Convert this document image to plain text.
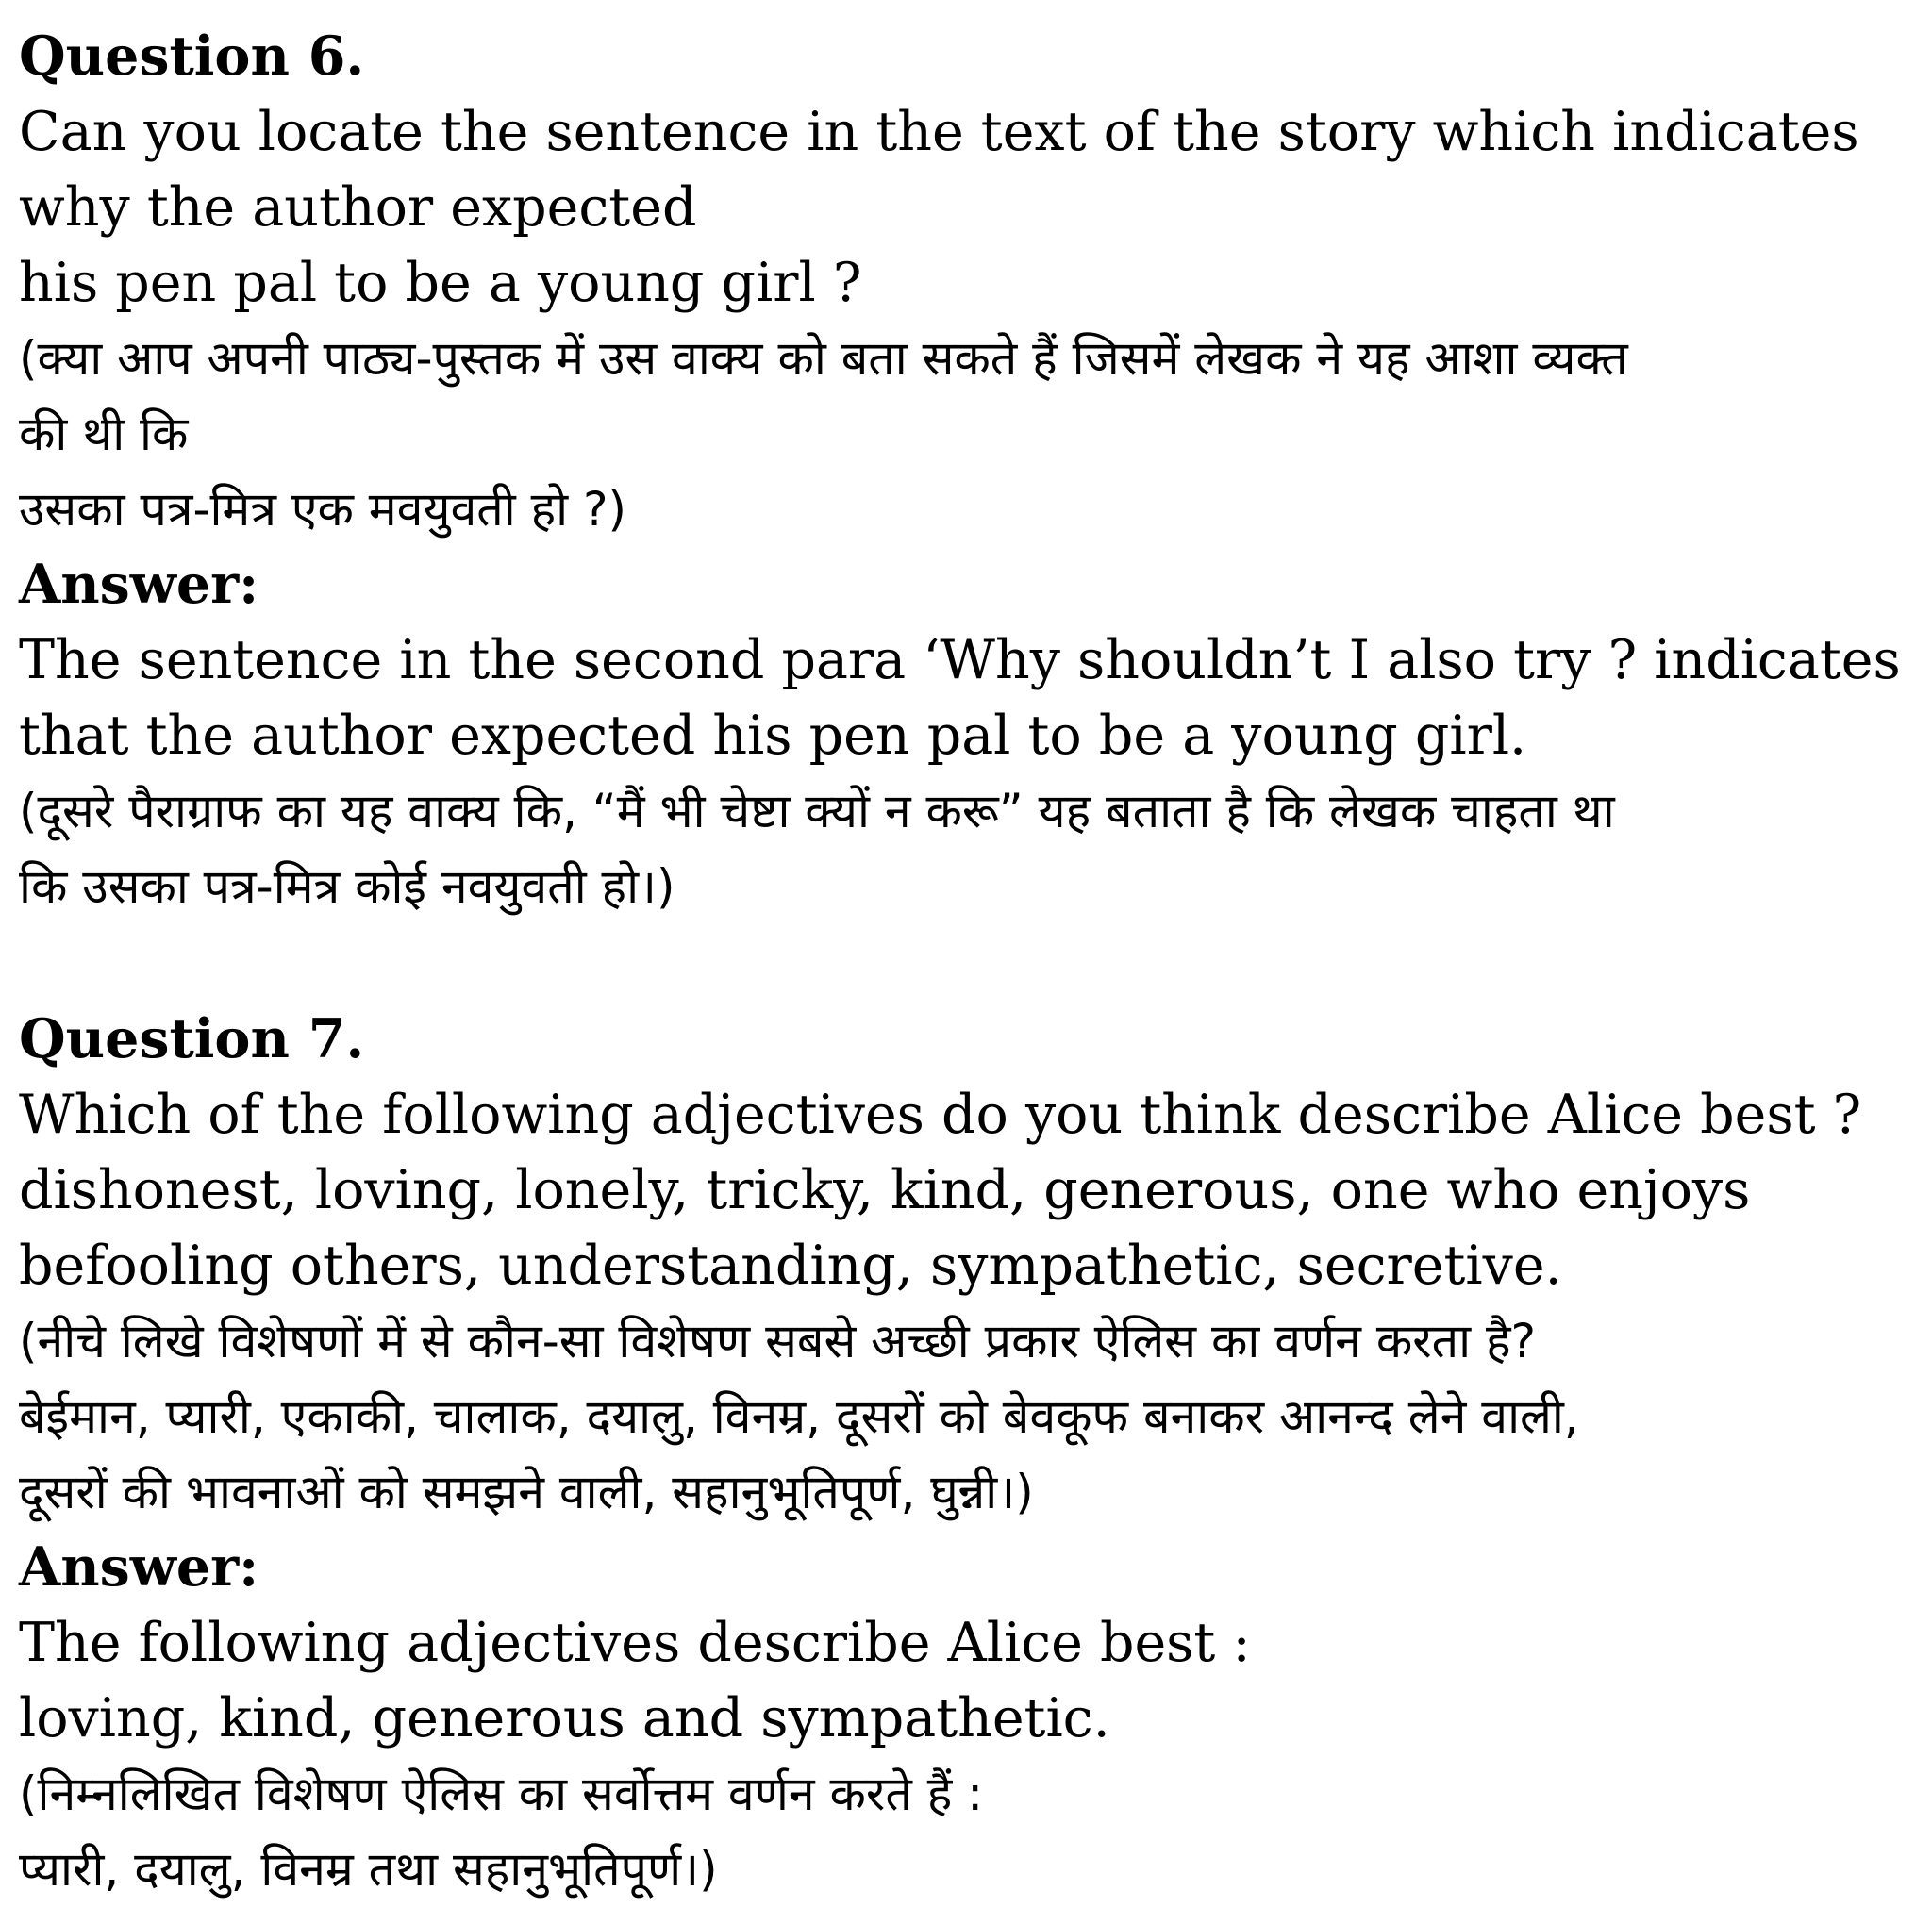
Question 6.
Can you locate the sentence in the text of the story which indicates
why the author expected
his pen pal to be a young girl ?
(क्या आप अपनी पाठ्य-पुस्तक में उस वाक्य को बता सकते हैं जिसमें लेखक ने यह आशा व्यक्त
की थी कि
उसका पत्र-मित्र एक मवयुवती हो ?)
Answer:
The sentence in the second para ‘Why shouldn’t I also try ? indicates
that the author expected his pen pal to be a young girl.
(दूसरे पैराग्राफ का यह वाक्य कि, “मैं भी चेष्टा क्यों न करू” यह बताता है कि लेखक चाहता था
कि उसका पत्र-मित्र कोई नवयुवती हो।)
Question 7.
Which of the following adjectives do you think describe Alice best ?
dishonest, loving, lonely, tricky, kind, generous, one who enjoys
befooling others, understanding, sympathetic, secretive.
(नीचे लिखे विशेषणों में से कौन-सा विशेषण सबसे अच्छी प्रकार ऐलिस का वर्णन करता है?
बेईमान, प्यारी, एकाकी, चालाक, दयालु, विनम्र, दूसरों को बेवकूफ बनाकर आनन्द लेने वाली,
दूसरों की भावनाओं को समझने वाली, सहानुभूतिपूर्ण, घुन्नी।)
Answer:
The following adjectives describe Alice best :
loving, kind, generous and sympathetic.
(निम्नलिखित विशेषण ऐलिस का सर्वोत्तम वर्णन करते हैं :
प्यारी, दयालु, विनम्र तथा सहानुभूतिपूर्ण।)
